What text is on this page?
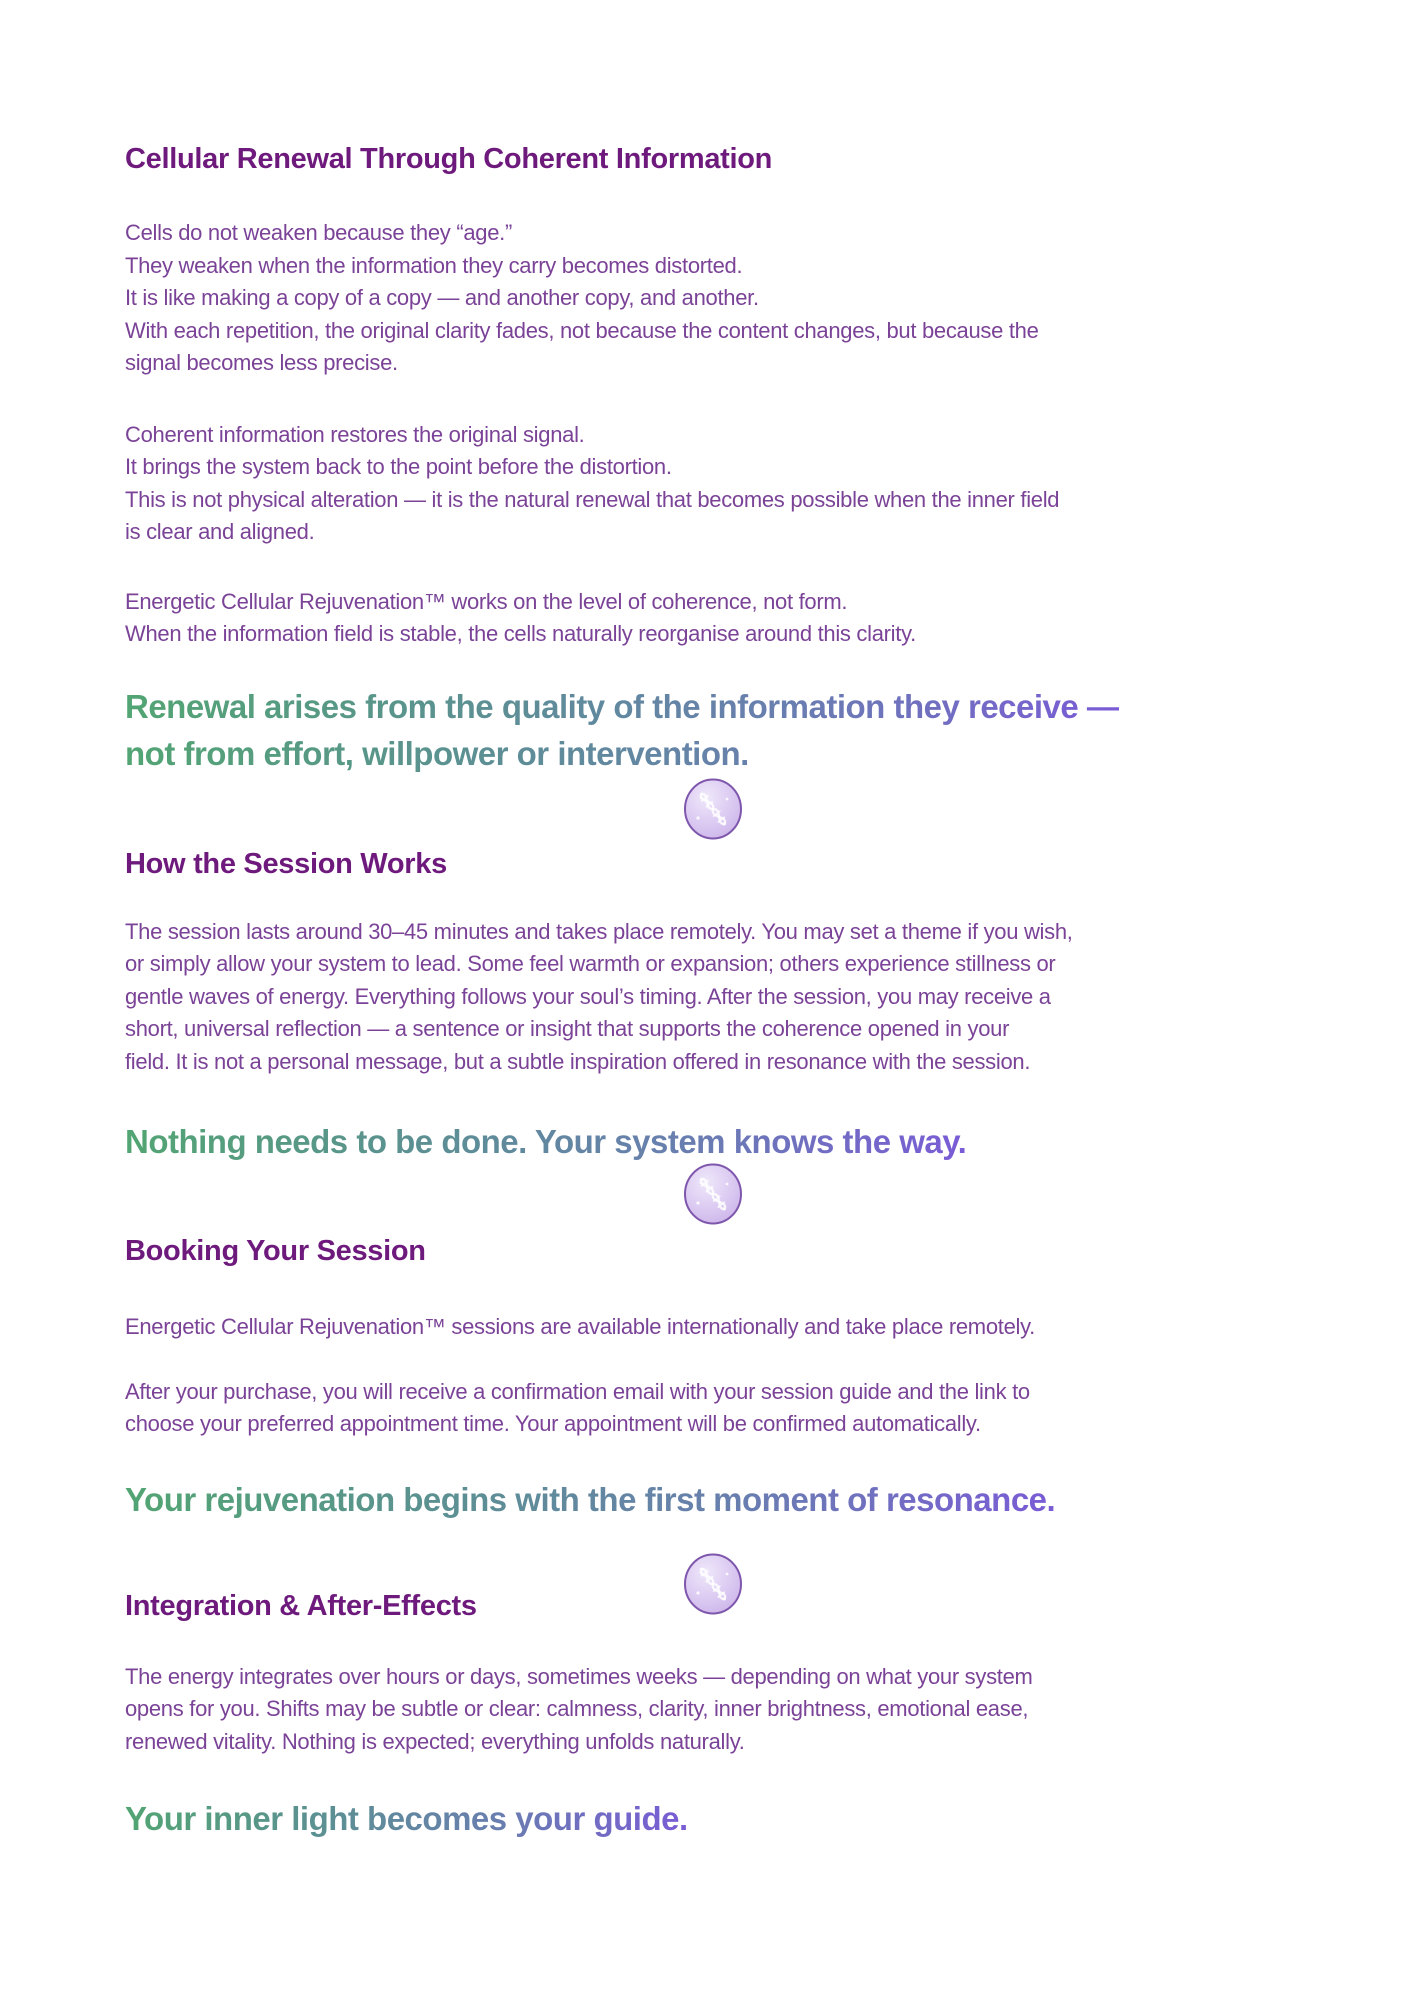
Cellular Renewal Through Coherent Information

Cells do not weaken because they “age.”
They weaken when the information they carry becomes distorted.
It is like making a copy of a copy — and another copy, and another.
With each repetition, the original clarity fades, not because the content changes, but because the
signal becomes less precise.

Coherent information restores the original signal.
It brings the system back to the point before the distortion.
This is not physical alteration — it is the natural renewal that becomes possible when the inner field
is clear and aligned.

Energetic Cellular Rejuvenation™ works on the level of coherence, not form.
When the information field is stable, the cells naturally reorganise around this clarity.

Renewal arises from the quality of the information they receive —
not from effort, willpower or intervention.
How the Session Works

The session lasts around 30–45 minutes and takes place remotely. You may set a theme if you wish,
or simply allow your system to lead. Some feel warmth or expansion; others experience stillness or
gentle waves of energy. Everything follows your soul’s timing. After the session, you may receive a
short, universal reflection — a sentence or insight that supports the coherence opened in your
field. It is not a personal message, but a subtle inspiration offered in resonance with the session.

Nothing needs to be done. Your system knows the way.
Booking Your Session

Energetic Cellular Rejuvenation™ sessions are available internationally and take place remotely.

After your purchase, you will receive a confirmation email with your session guide and the link to
choose your preferred appointment time. Your appointment will be confirmed automatically.

Your rejuvenation begins with the first moment of resonance.
Integration & After-Effects

The energy integrates over hours or days, sometimes weeks — depending on what your system
opens for you. Shifts may be subtle or clear: calmness, clarity, inner brightness, emotional ease,
renewed vitality. Nothing is expected; everything unfolds naturally.

Your inner light becomes your guide.
